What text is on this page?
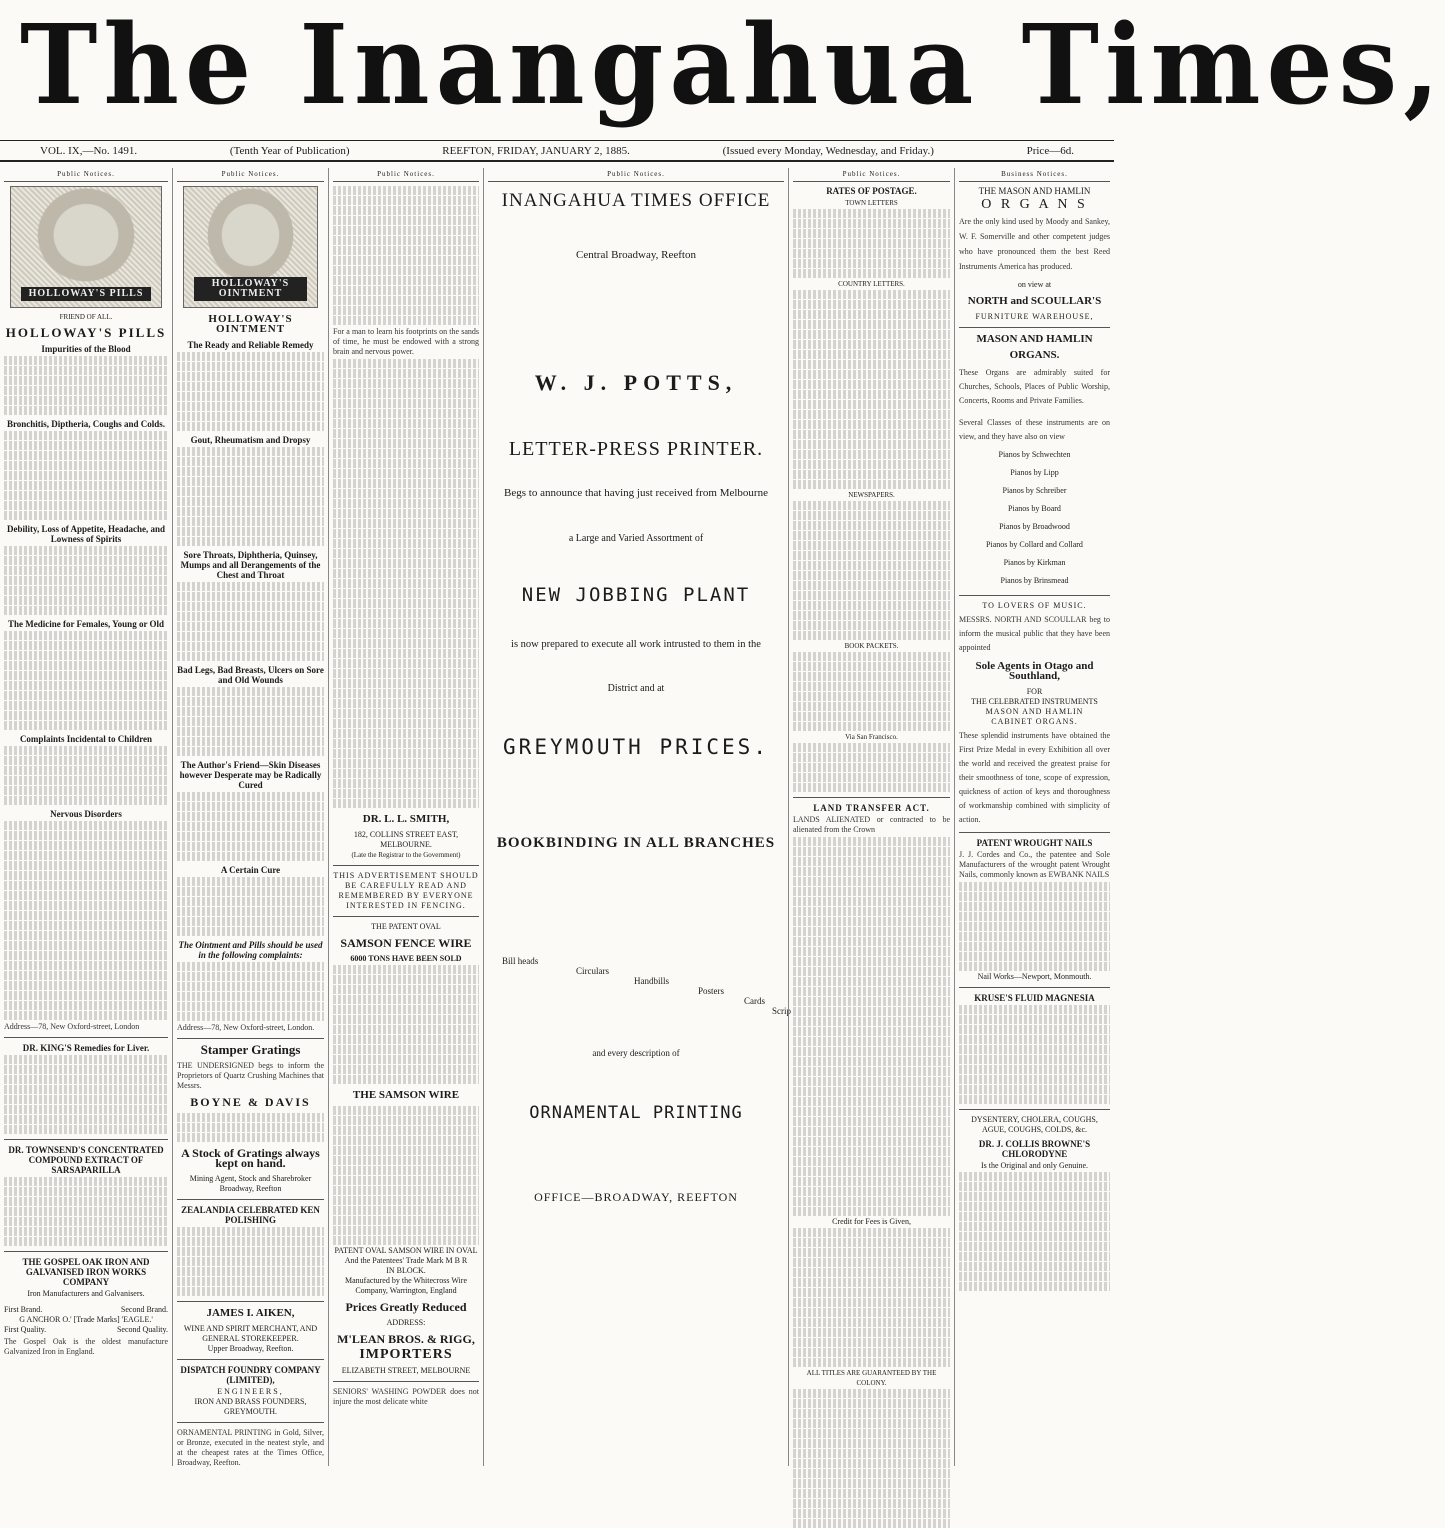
The Inangahua Times,
VOL. IX,—No. 1491.	(Tenth Year of Publication)	REEFTON, FRIDAY, JANUARY 2, 1885.	(Issued every Monday, Wednesday, and Friday.)	Price—6d.
Public Notices.
HOLLOWAY'S PILLS
FRIEND OF ALL.
HOLLOWAY'S PILLS
Impurities of the Blood
Bronchitis, Diptheria, Coughs and Colds.
Debility, Loss of Appetite, Headache, and Lowness of Spirits
The Medicine for Females, Young or Old
Complaints Incidental to Children
Nervous Disorders
Address—78, New Oxford-street, London
DR. KING'S Remedies for Liver.
DR. TOWNSEND'S CONCENTRATED COMPOUND EXTRACT OF SARSAPARILLA
THE GOSPEL OAK IRON AND GALVANISED IRON WORKS COMPANY
Iron Manufacturers and Galvanisers.
First Brand.	Second Brand.
G ANCHOR O.' [Trade Marks] 'EAGLE.'
First Quality.	Second Quality.
The Gospel Oak is the oldest manufacture Galvanized Iron in England.
Public Notices.
HOLLOWAY'S OINTMENT
HOLLOWAY'S OINTMENT
The Ready and Reliable Remedy
Gout, Rheumatism and Dropsy
Sore Throats, Diphtheria, Quinsey, Mumps and all Derangements of the Chest and Throat
Bad Legs, Bad Breasts, Ulcers on Sore and Old Wounds
The Author's Friend—Skin Diseases however Desperate may be Radically Cured
A Certain Cure
The Ointment and Pills should be used in the following complaints:
Address—78, New Oxford-street, London.
Stamper Gratings
THE UNDERSIGNED begs to inform the Proprietors of Quartz Crushing Machines that Messrs.
BOYNE & DAVIS
A Stock of Gratings always kept on hand.
Mining Agent, Stock and Sharebroker Broadway, Reefton
ZEALANDIA CELEBRATED KEN POLISHING
JAMES I. AIKEN,
WINE AND SPIRIT MERCHANT, AND GENERAL STOREKEEPER.
Upper Broadway, Reefton.
DISPATCH FOUNDRY COMPANY (LIMITED),
ENGINEERS,
IRON AND BRASS FOUNDERS,
GREYMOUTH.
ORNAMENTAL PRINTING in Gold, Silver, or Bronze, executed in the neatest style, and at the cheapest rates at the Times Office, Broadway, Reefton.
Public Notices.
For a man to learn his footprints on the sands of time, he must be endowed with a strong brain and nervous power.
DR. L. L. SMITH,
182, COLLINS STREET EAST, MELBOURNE.
(Late the Registrar to the Government)
THIS ADVERTISEMENT SHOULD BE CAREFULLY READ AND REMEMBERED BY EVERYONE INTERESTED IN FENCING.
THE PATENT OVAL
SAMSON FENCE WIRE
6000 TONS HAVE BEEN SOLD
THE SAMSON WIRE
PATENT OVAL SAMSON WIRE IN OVAL
And the Patentees' Trade Mark M B R
IN BLOCK.
Manufactured by the Whitecross Wire Company, Warrington, England
Prices Greatly Reduced
ADDRESS:
M'LEAN BROS. & RIGG,
IMPORTERS
ELIZABETH STREET, MELBOURNE
SENIORS' WASHING POWDER does not injure the most delicate white
Public Notices.
INANGAHUA TIMES OFFICE
Central Broadway, Reefton
W. J. POTTS,
LETTER-PRESS PRINTER.
Begs to announce that having just received from Melbourne
a Large and Varied Assortment of
NEW JOBBING PLANT
is now prepared to execute all work intrusted to them in the
District and at
GREYMOUTH PRICES.
BOOKBINDING IN ALL BRANCHES
Bill heads
Circulars
Handbills
Posters
Cards
Scrip
and every description of
ORNAMENTAL PRINTING
OFFICE—BROADWAY, REEFTON
Public Notices.
RATES OF POSTAGE.
TOWN LETTERS
COUNTRY LETTERS.
NEWSPAPERS.
BOOK PACKETS.
Via San Francisco.
LAND TRANSFER ACT.
LANDS ALIENATED or contracted to be alienated from the Crown
Credit for Fees is Given,
ALL TITLES ARE GUARANTEED BY THE COLONY.
Business Notices.
THE MASON AND HAMLIN
O R G A N S
Are the only kind used by Moody and Sankey, W. F. Somerville and other competent judges who have pronounced them the best Reed Instruments America has produced.
on view at
NORTH and SCOULLAR'S
FURNITURE WAREHOUSE,
MASON AND HAMLIN
ORGANS.
These Organs are admirably suited for Churches, Schools, Places of Public Worship, Concerts, Rooms and Private Families.
Several Classes of these instruments are on view, and they have also on view
Pianos by Schwechten
Pianos by Lipp
Pianos by Schreiber
Pianos by Board
Pianos by Broadwood
Pianos by Collard and Collard
Pianos by Kirkman
Pianos by Brinsmead
TO LOVERS OF MUSIC.
MESSRS. NORTH AND SCOULLAR beg to inform the musical public that they have been appointed
Sole Agents in Otago and Southland,
FOR
THE CELEBRATED INSTRUMENTS
MASON AND HAMLIN
CABINET ORGANS.
These splendid instruments have obtained the First Prize Medal in every Exhibition all over the world and received the greatest praise for their smoothness of tone, scope of expression, quickness of action of keys and thoroughness of workmanship combined with simplicity of action.
PATENT WROUGHT NAILS
J. J. Cordes and Co., the patentee and Sole Manufacturers of the wrought patent Wrought Nails, commonly known as EWBANK NAILS
Nail Works—Newport, Monmouth.
KRUSE'S FLUID MAGNESIA
DYSENTERY, CHOLERA, COUGHS, AGUE, COUGHS, COLDS, &c.
DR. J. COLLIS BROWNE'S CHLORODYNE
Is the Original and only Genuine.
